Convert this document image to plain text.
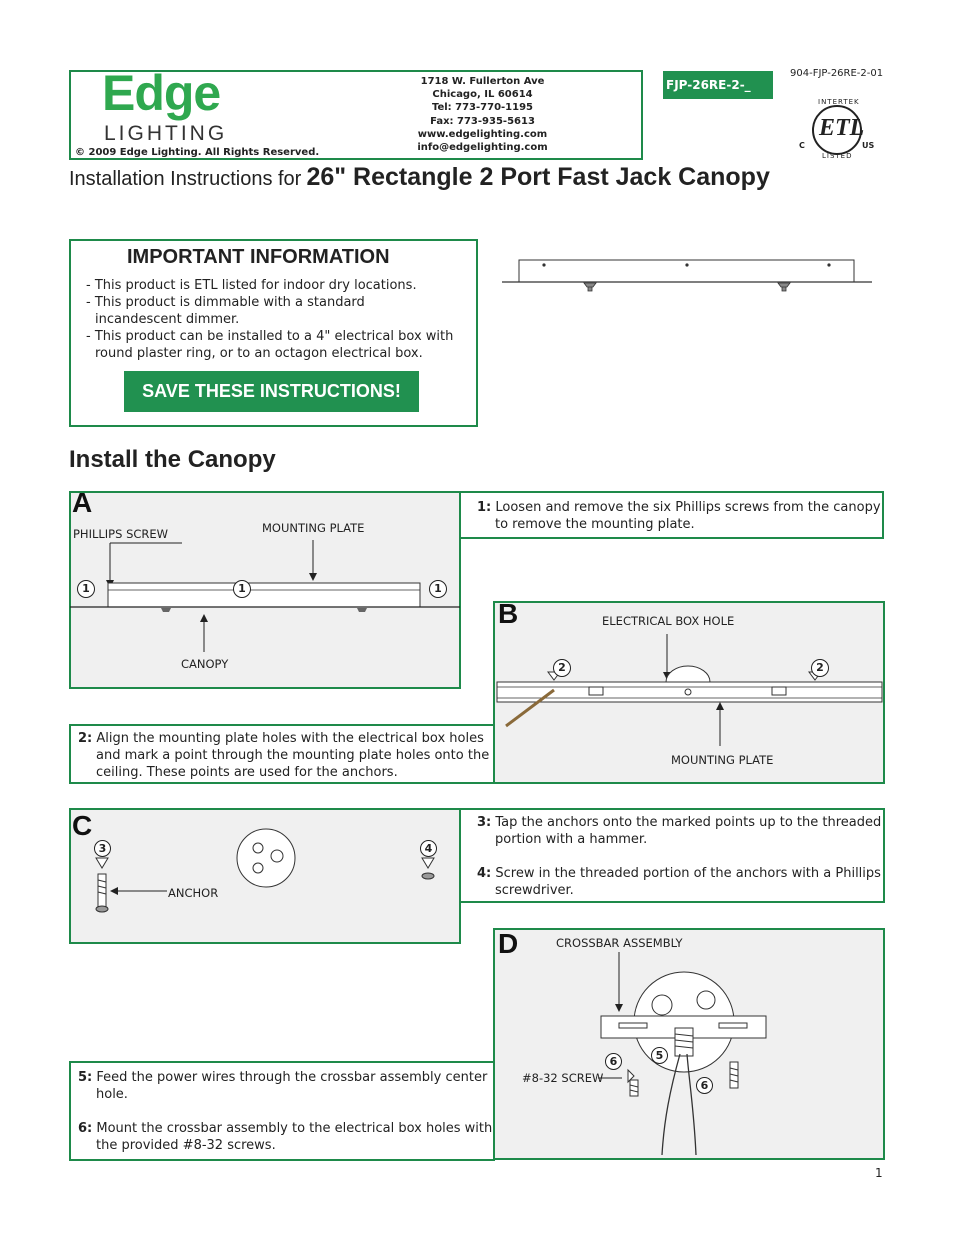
Edge
LIGHTING
© 2009 Edge Lighting. All Rights Reserved.
1718 W. Fullerton Ave
Chicago, IL 60614
Tel: 773-770-1195
Fax: 773-935-5613
www.edgelighting.com
info@edgelighting.com
FJP-26RE-2-_
904-FJP-26RE-2-01
ETL
INTERTEK
LISTED
C	US
Installation Instructions for 26" Rectangle 2 Port Fast Jack Canopy
IMPORTANT INFORMATION
- This product is ETL listed for indoor dry locations.
- This product is dimmable with a standard incandescent dimmer.
- This product can be installed to a 4" electrical box with round plaster ring, or to an octagon electrical box.
SAVE THESE INSTRUCTIONS!
Install the Canopy
A
PHILLIPS SCREW	MOUNTING PLATE
CANOPY
1	1	1
1: Loosen and remove the six Phillips screws from the canopy to remove the mounting plate.
B	ELECTRICAL BOX HOLE
MOUNTING PLATE
2	2
2: Align the mounting plate holes with the electrical box holes and mark a point through the mounting plate holes onto the ceiling. These points are used for the anchors.
C
ANCHOR
3	4
3: Tap the anchors onto the marked points up to the threaded portion with a hammer.
4: Screw in the threaded portion of the anchors with a Phillips screwdriver.
D	CROSSBAR ASSEMBLY
#8-32 SCREW
5
6
6
5: Feed the power wires through the crossbar assembly center hole.
6: Mount the crossbar assembly to the electrical box holes with the provided #8-32 screws.
1
